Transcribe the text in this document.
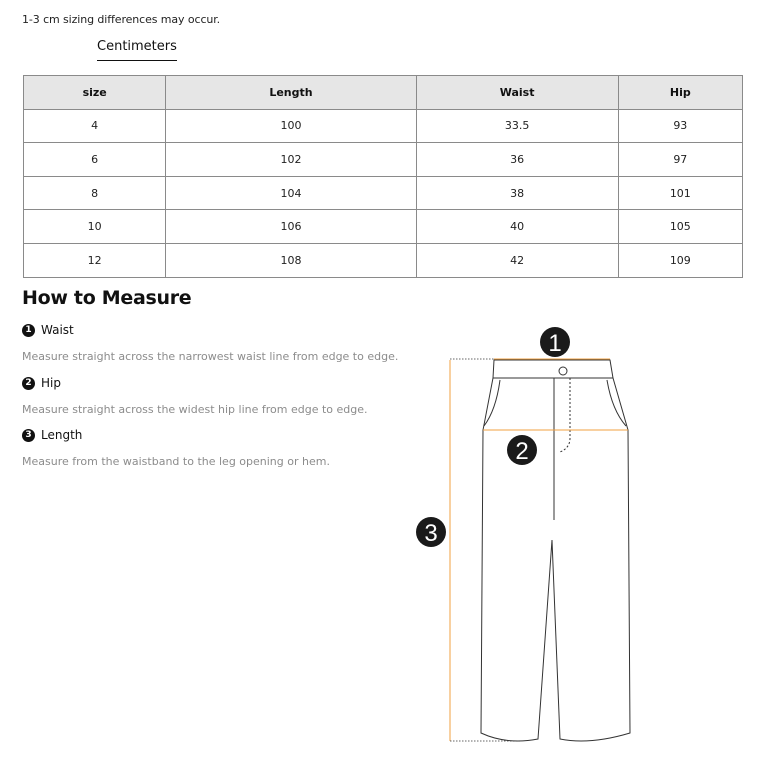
1-3 cm sizing differences may occur.
Centimeters
size	Length	Waist	Hip
4	100	33.5	93
6	102	36	97
8	104	38	101
10	106	40	105
12	108	42	109
How to Measure
1 Waist
Measure straight across the narrowest waist line from edge to edge.
2 Hip
Measure straight across the widest hip line from edge to edge.
3 Length
Measure from the waistband to the leg opening or hem.
1
2
3
